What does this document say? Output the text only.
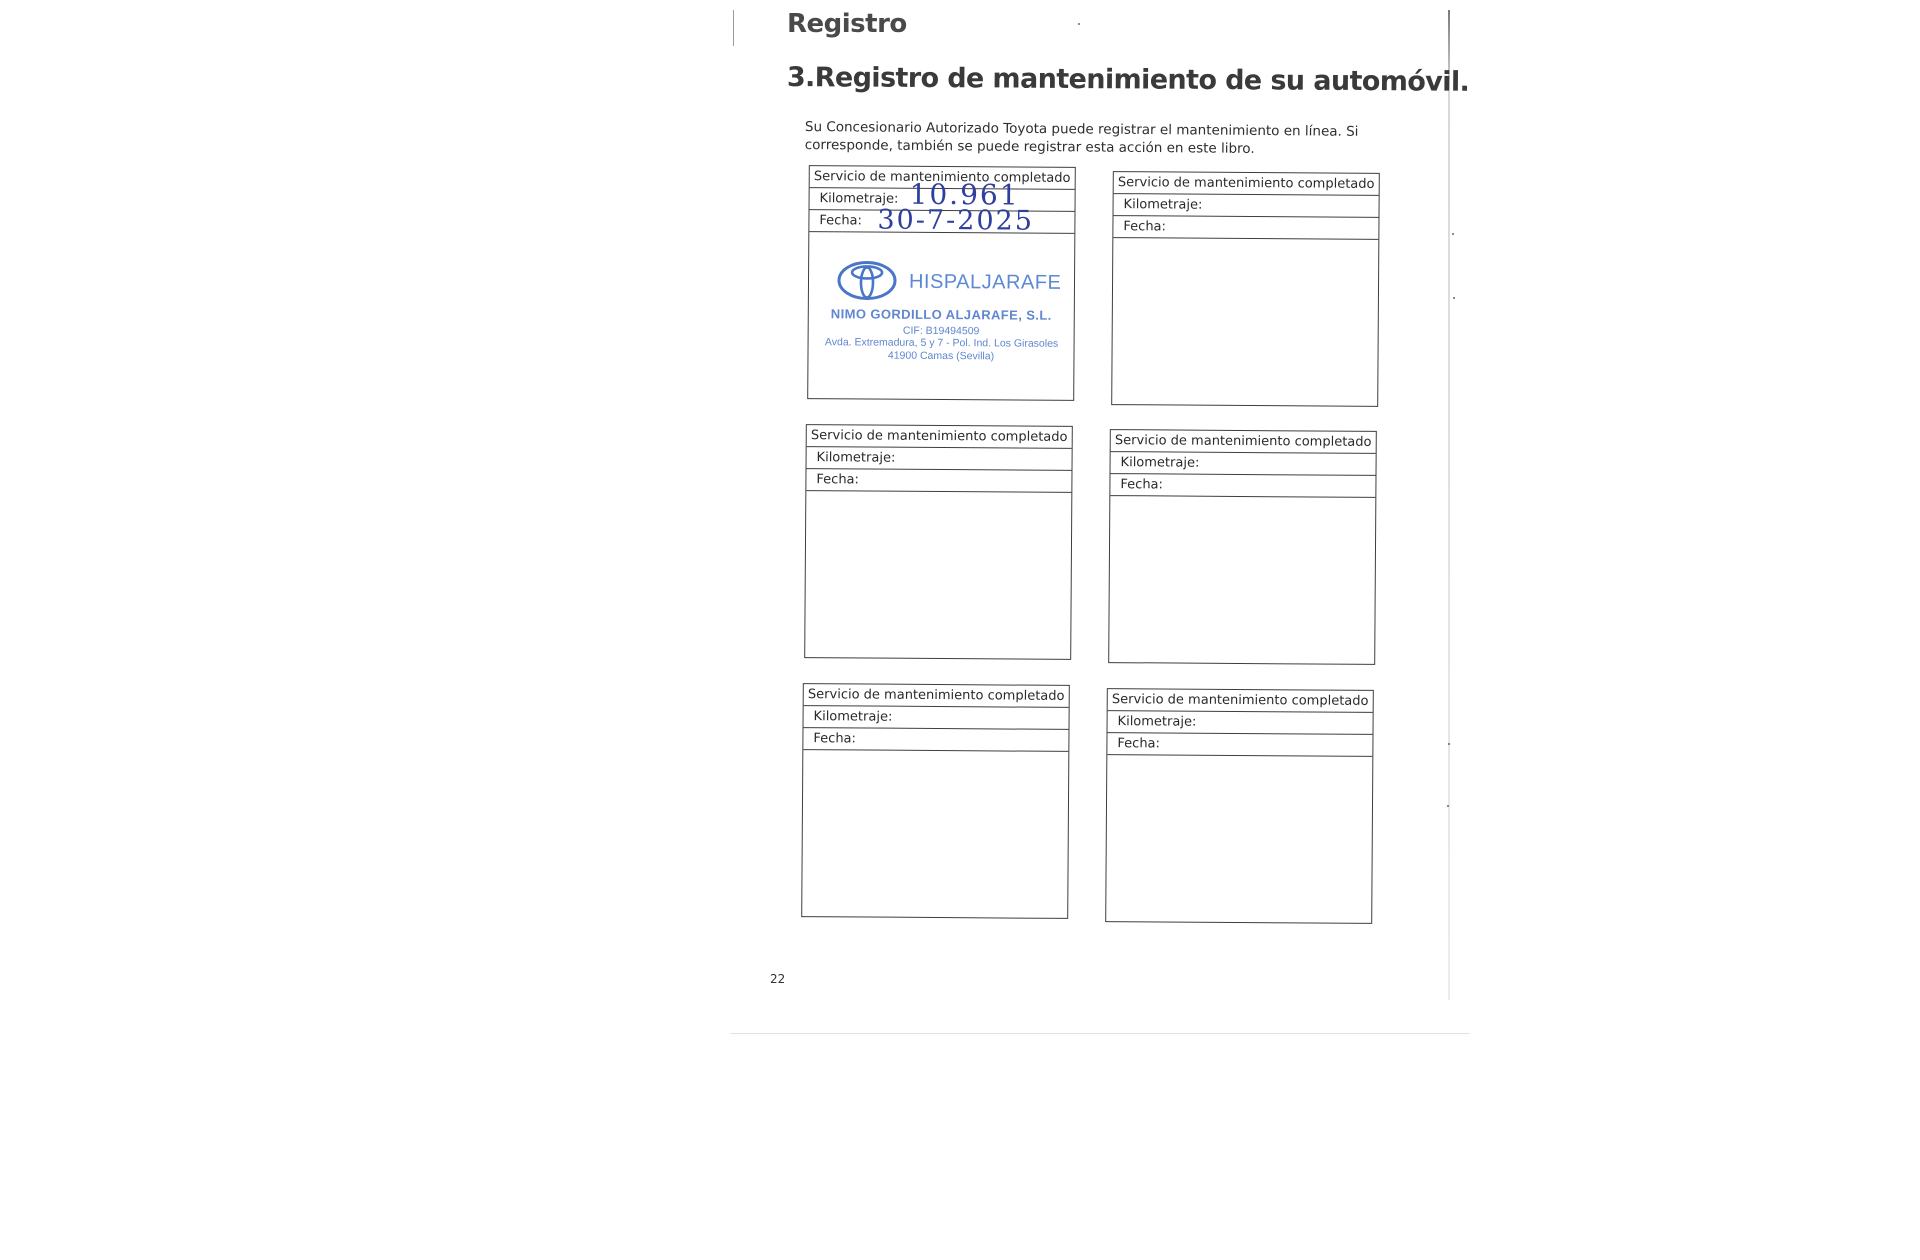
Registro
3.Registro de mantenimiento de su automóvil.
Su Concesionario Autorizado Toyota puede registrar el mantenimiento en línea. Si corresponde, también se puede registrar esta acción en este libro.
Servicio de mantenimiento completado
Kilometraje: 10.961
Fecha: 30-7-2025
HISPALJARAFE
NIMO GORDILLO ALJARAFE, S.L.
CIF: B19494509
Avda. Extremadura, 5 y 7 - Pol. Ind. Los Girasoles
41900 Camas (Sevilla)
Servicio de mantenimiento completado
Kilometraje:
Fecha:
Servicio de mantenimiento completado
Kilometraje:
Fecha:
Servicio de mantenimiento completado
Kilometraje:
Fecha:
Servicio de mantenimiento completado
Kilometraje:
Fecha:
Servicio de mantenimiento completado
Kilometraje:
Fecha:
22
